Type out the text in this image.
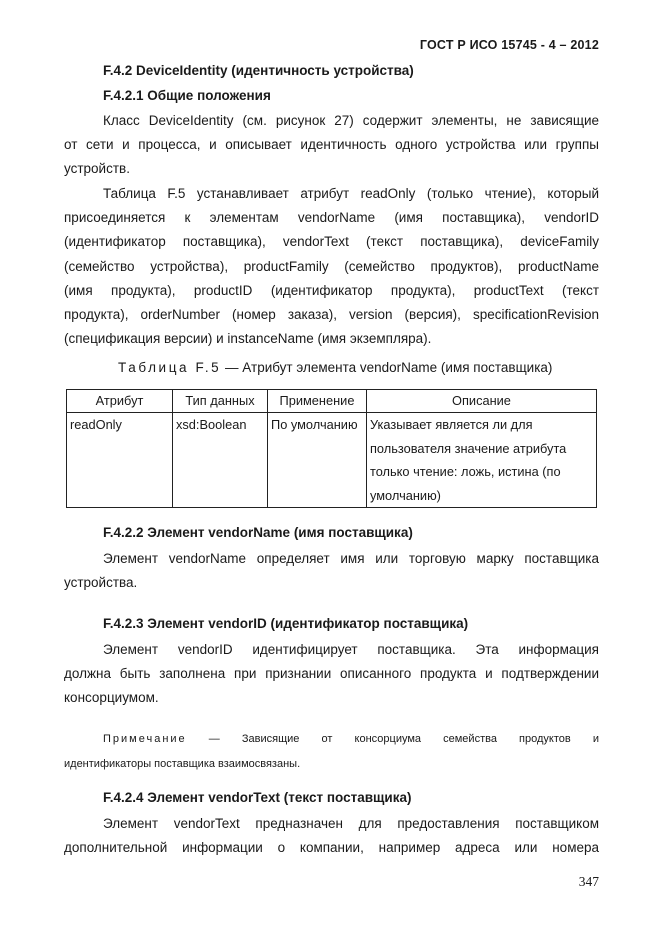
ГОСТ Р ИСО 15745 - 4 – 2012
F.4.2 DeviceIdentity (идентичность устройства)
F.4.2.1 Общие положения
Класс DeviceIdentity (см. рисунок 27) содержит элементы, не зависящие
от сети и процесса, и описывает идентичность одного устройства или группы
устройств.
Таблица F.5 устанавливает атрибут readOnly (только чтение), который
присоединяется к элементам vendorName (имя поставщика), vendorID
(идентификатор поставщика), vendorText (текст поставщика), deviceFamily
(семейство устройства), productFamily (семейство продуктов), productName
(имя продукта), productID (идентификатор продукта), productText (текст
продукта), orderNumber (номер заказа), version (версия), specificationRevision
(спецификация версии) и instanceName (имя экземпляра).
Таблица F.5 — Атрибут элемента vendorName (имя поставщика)
Атрибут	Тип данных	Применение	Описание
readOnly	xsd:Boolean	По умолчанию	Указывает является ли для
пользователя значение атрибута
только чтение: ложь, истина (по
умолчанию)
F.4.2.2 Элемент vendorName (имя поставщика)
Элемент vendorName определяет имя или торговую марку поставщика
устройства.
F.4.2.3 Элемент vendorID (идентификатор поставщика)
Элемент vendorID идентифицирует поставщика. Эта информация
должна быть заполнена при признании описанного продукта и подтверждении
консорциумом.
Примечание — Зависящие от консорциума семейства продуктов и
идентификаторы поставщика взаимосвязаны.
F.4.2.4 Элемент vendorText (текст поставщика)
Элемент vendorText предназначен для предоставления поставщиком
дополнительной информации о компании, например адреса или номера
347
